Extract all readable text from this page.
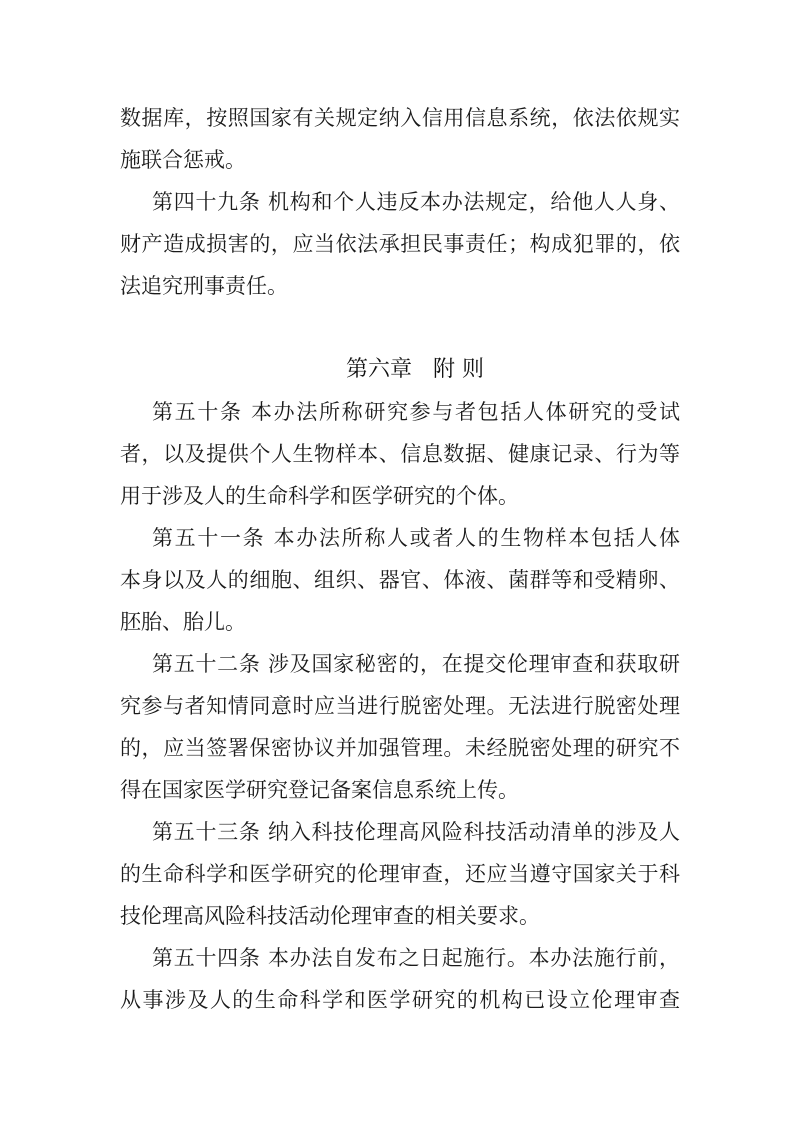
数据库，按照国家有关规定纳入信用信息系统，依法依规实
施联合惩戒。
第四十九条 机构和个人违反本办法规定，给他人人身、
财产造成损害的，应当依法承担民事责任；构成犯罪的，依
法追究刑事责任。
第六章   附 则
第五十条 本办法所称研究参与者包括人体研究的受试
者，以及提供个人生物样本、信息数据、健康记录、行为等
用于涉及人的生命科学和医学研究的个体。
第五十一条 本办法所称人或者人的生物样本包括人体
本身以及人的细胞、组织、器官、体液、菌群等和受精卵、
胚胎、胎儿。
第五十二条 涉及国家秘密的，在提交伦理审查和获取研
究参与者知情同意时应当进行脱密处理。无法进行脱密处理
的，应当签署保密协议并加强管理。未经脱密处理的研究不
得在国家医学研究登记备案信息系统上传。
第五十三条 纳入科技伦理高风险科技活动清单的涉及人
的生命科学和医学研究的伦理审查，还应当遵守国家关于科
技伦理高风险科技活动伦理审查的相关要求。
第五十四条 本办法自发布之日起施行。本办法施行前，
从事涉及人的生命科学和医学研究的机构已设立伦理审查
